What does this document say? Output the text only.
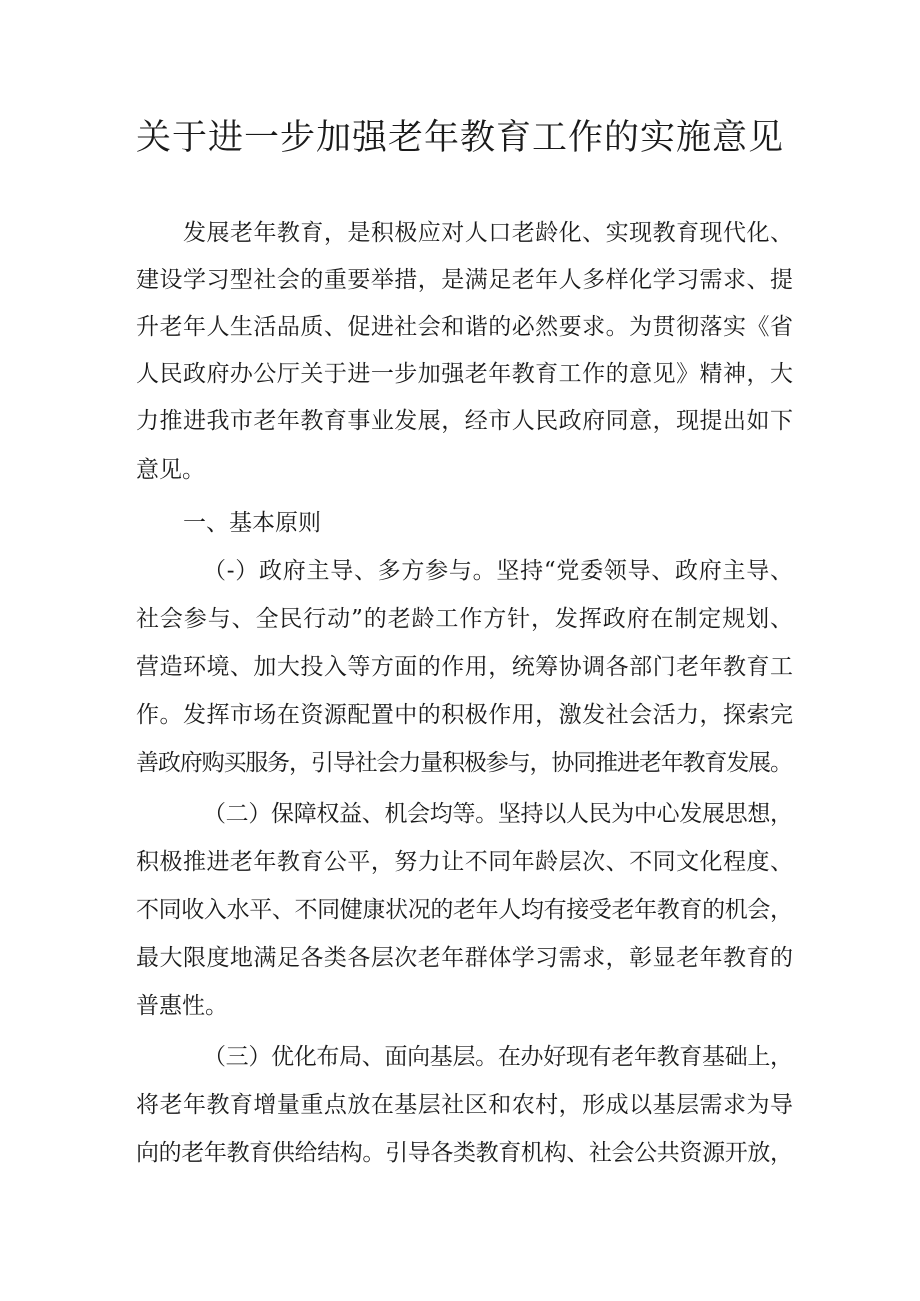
关于进一步加强老年教育工作的实施意见

发展老年教育，是积极应对人口老龄化、实现教育现代化、

建设学习型社会的重要举措，是满足老年人多样化学习需求、提

升老年人生活品质、促进社会和谐的必然要求。为贯彻落实《省

人民政府办公厅关于进一步加强老年教育工作的意见》精神，大

力推进我市老年教育事业发展，经市人民政府同意，现提出如下

意见。

一、基本原则

（-）政府主导、多方参与。坚持“党委领导、政府主导、

社会参与、全民行动”的老龄工作方针，发挥政府在制定规划、

营造环境、加大投入等方面的作用，统筹协调各部门老年教育工

作。发挥市场在资源配置中的积极作用，激发社会活力，探索完

善政府购买服务，引导社会力量积极参与，协同推进老年教育发展。

（二）保障权益、机会均等。坚持以人民为中心发展思想，

积极推进老年教育公平，努力让不同年龄层次、不同文化程度、

不同收入水平、不同健康状况的老年人均有接受老年教育的机会，

最大限度地满足各类各层次老年群体学习需求，彰显老年教育的

普惠性。

（三）优化布局、面向基层。在办好现有老年教育基础上，

将老年教育增量重点放在基层社区和农村，形成以基层需求为导

向的老年教育供给结构。引导各类教育机构、社会公共资源开放，
